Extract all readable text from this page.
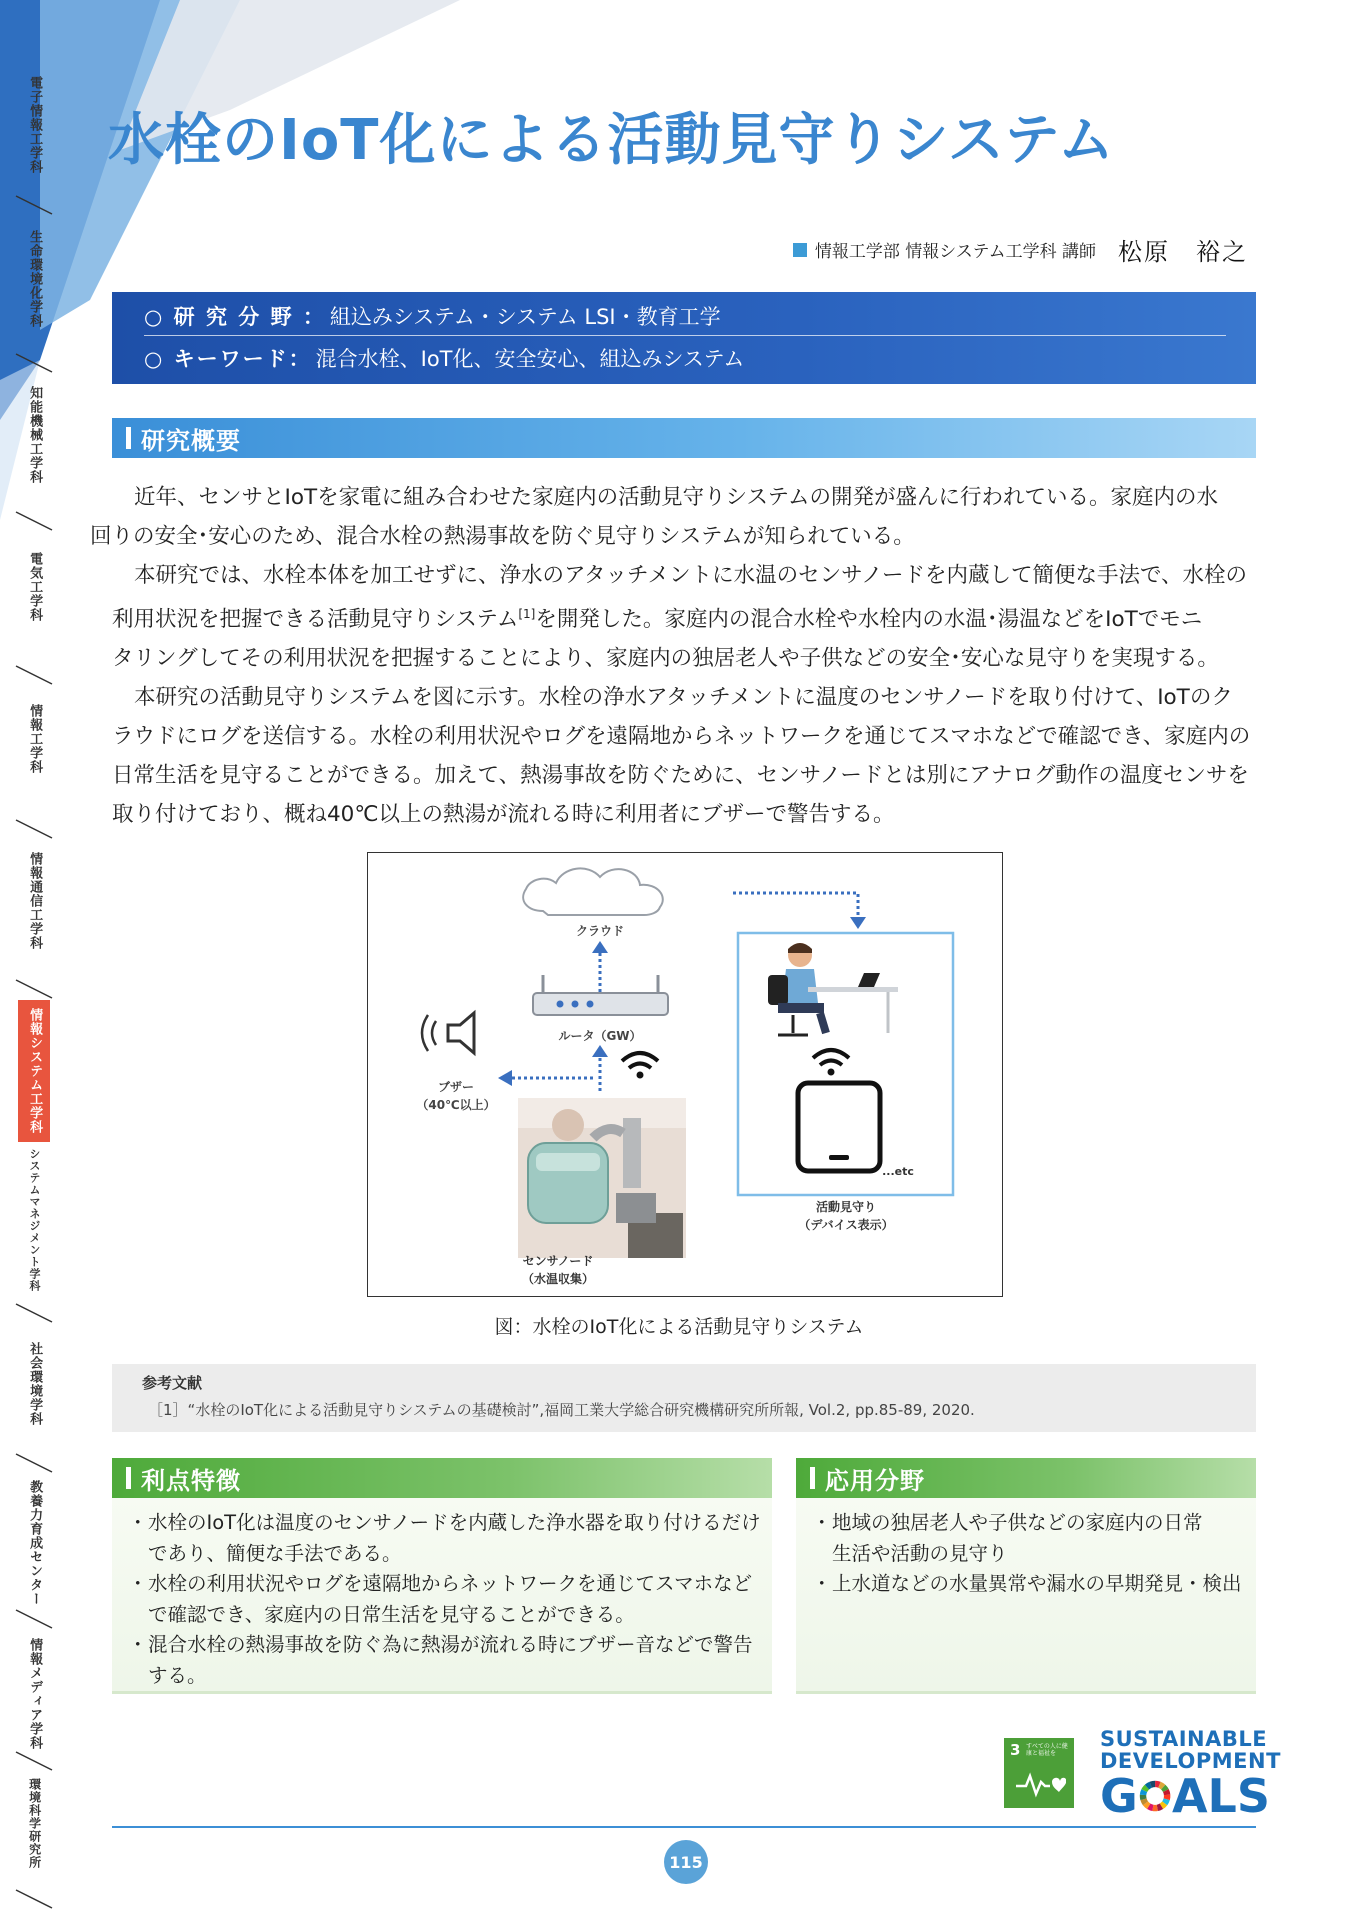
電子情報工学科
生命環境化学科
知能機械工学科
電気工学科
情報工学科
情報通信工学科
情報システム工学科
システムマネジメント学科
社会環境学科
教養力育成センター
情報メディア学科
環境科学研究所
水栓のIoT化による活動見守りシステム
情報工学部 情報システム工学科 講師 松原　裕之
○ 研 究 分 野 ： 組込みシステム・システム LSI・教育工学
○ キーワード： 混合水栓、IoT化、安全安心、組込みシステム
研究概要

近年、センサとIoTを家電に組み合わせた家庭内の活動見守りシステムの開発が盛んに行われている。家庭内の水
回りの安全･安心のため、混合水栓の熱湯事故を防ぐ見守りシステムが知られている。

本研究では、水栓本体を加工せずに、浄水のアタッチメントに水温のセンサノードを内蔵して簡便な手法で、水栓の
利用状況を把握できる活動見守りシステム[1]を開発した。家庭内の混合水栓や水栓内の水温･湯温などをIoTでモニ
タリングしてその利用状況を把握することにより、家庭内の独居老人や子供などの安全･安心な見守りを実現する。

本研究の活動見守りシステムを図に示す。水栓の浄水アタッチメントに温度のセンサノードを取り付けて、IoTのク
ラウドにログを送信する。水栓の利用状況やログを遠隔地からネットワークを通じてスマホなどで確認でき、家庭内の
日常生活を見守ることができる。加えて、熱湯事故を防ぐために、センサノードとは別にアナログ動作の温度センサを
取り付けており、概ね40℃以上の熱湯が流れる時に利用者にブザーで警告する。

クラウド
ルータ（GW）
ブザー
（40℃以上）
センサノード
（水温収集）
...etc
活動見守り
（デバイス表示）
図：水栓のIoT化による活動見守りシステム
参考文献
［1］“水栓のIoT化による活動見守りシステムの基礎検討”,福岡工業大学総合研究機構研究所所報, Vol.2, pp.85-89, 2020.
利点特徴
・ 水栓のIoT化は温度のセンサノードを内蔵した浄水器を取り付けるだけ
であり、簡便な手法である。
・ 水栓の利用状況やログを遠隔地からネットワークを通じてスマホなど
で確認でき、家庭内の日常生活を見守ることができる。
・ 混合水栓の熱湯事故を防ぐ為に熱湯が流れる時にブザー音などで警告
する。
応用分野
・ 地域の独居老人や子供などの家庭内の日常
生活や活動の見守り
・ 上水道などの水量異常や漏水の早期発見・検出
3 すべての人に健康と福祉を
SUSTAINABLE
DEVELOPMENT
G ALS
115
